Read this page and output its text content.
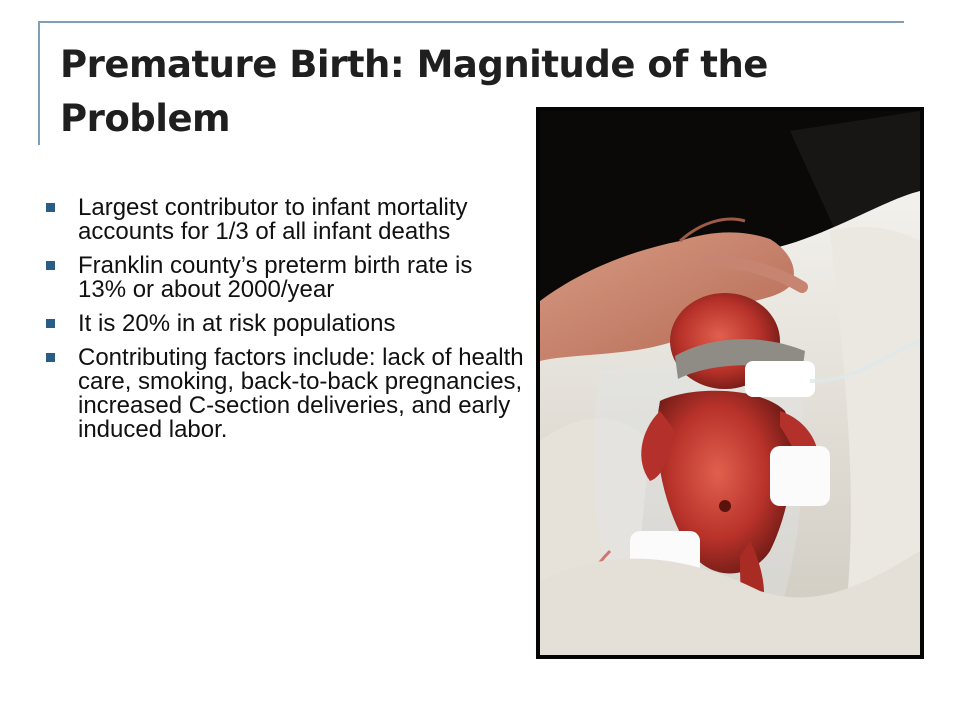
Premature Birth: Magnitude of the Problem
Largest contributor to infant mortality accounts for 1/3 of all infant deaths
Franklin county’s preterm birth rate is 13% or about 2000/year
It is 20% in at risk populations
Contributing factors include: lack of health care, smoking, back-to-back pregnancies, increased C-section deliveries, and early induced labor.
